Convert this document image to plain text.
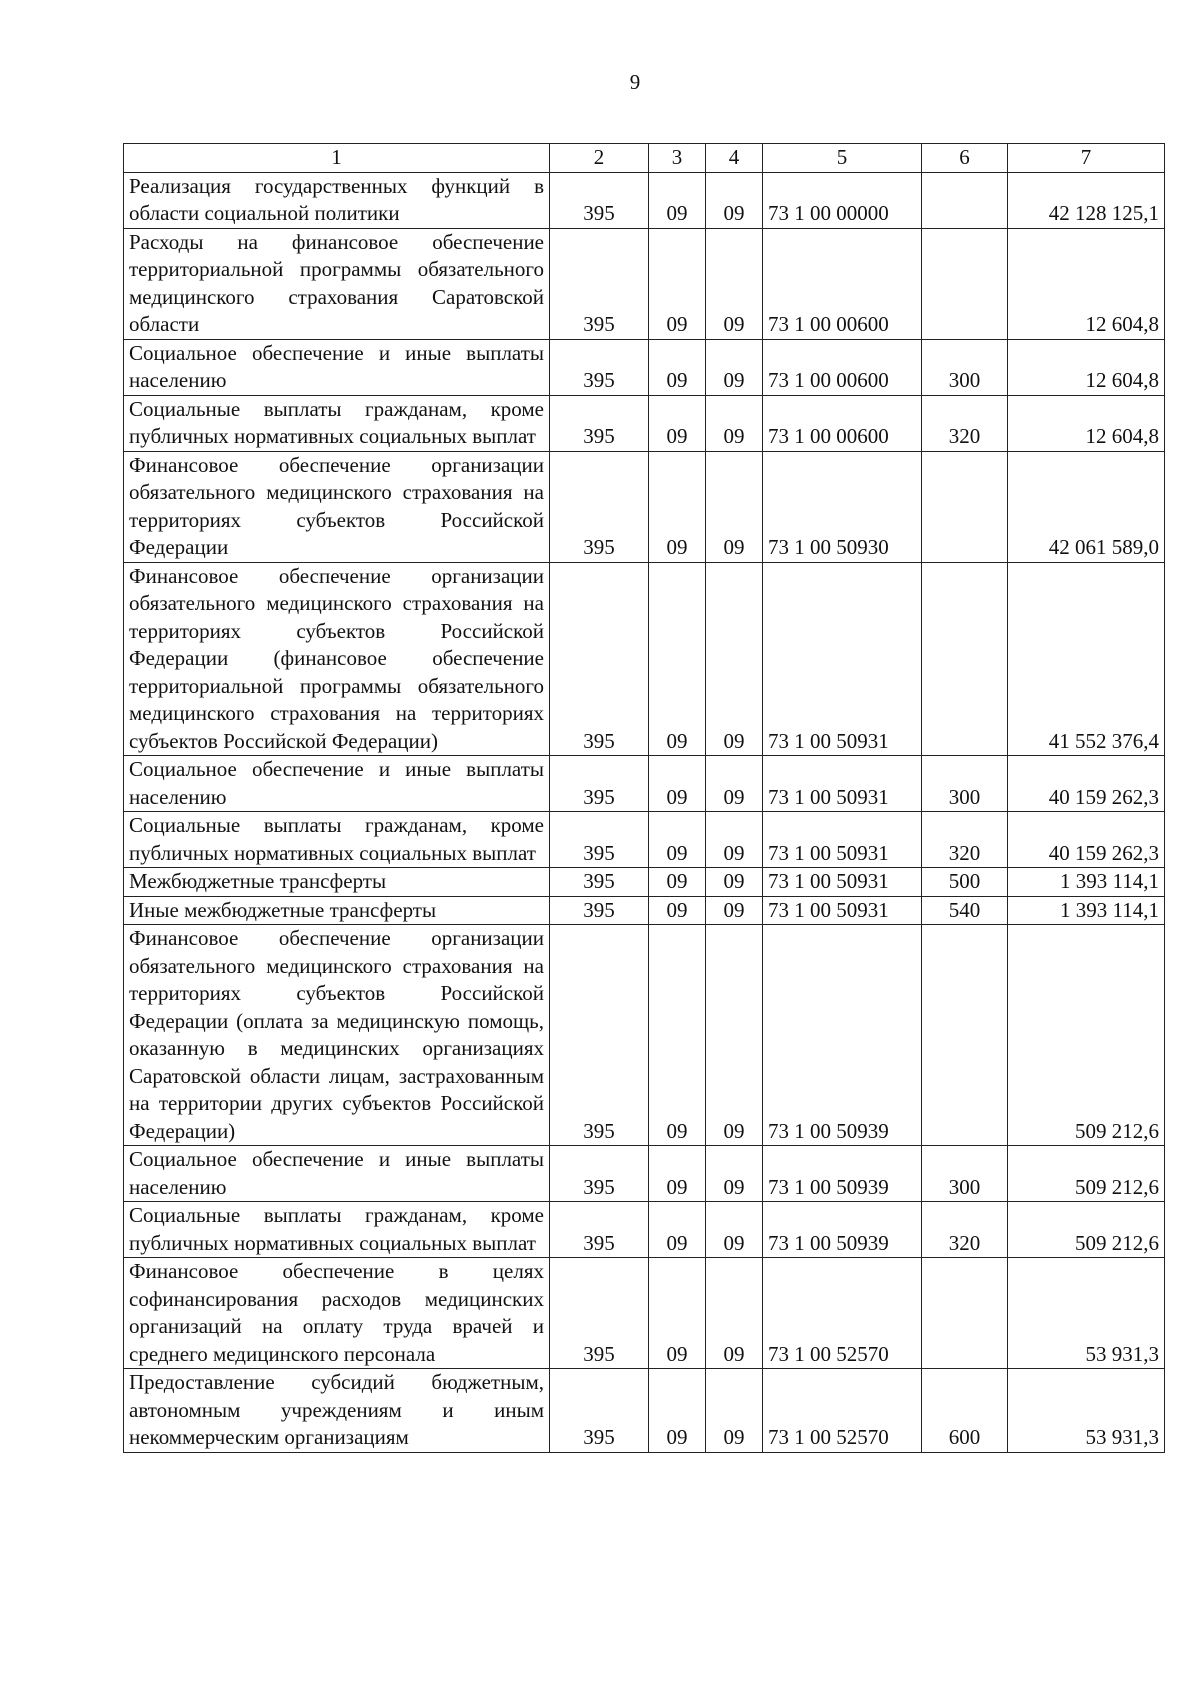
9
1	2	3	4	5	6	7
Реализация государственных функций в области социальной политики	395	09	09	73 1 00 00000		42 128 125,1
Расходы на финансовое обеспечение территориальной программы обязательного медицинского страхования Саратовской области	395	09	09	73 1 00 00600		12 604,8
Социальное обеспечение и иные выплаты населению	395	09	09	73 1 00 00600	300	12 604,8
Социальные выплаты гражданам, кроме публичных нормативных социальных выплат	395	09	09	73 1 00 00600	320	12 604,8
Финансовое обеспечение организации обязательного медицинского страхования на территориях субъектов Российской Федерации	395	09	09	73 1 00 50930		42 061 589,0
Финансовое обеспечение организации обязательного медицинского страхования на территориях субъектов Российской Федерации (финансовое обеспечение территориальной программы обязательного медицинского страхования на территориях субъектов Российской Федерации)	395	09	09	73 1 00 50931		41 552 376,4
Социальное обеспечение и иные выплаты населению	395	09	09	73 1 00 50931	300	40 159 262,3
Социальные выплаты гражданам, кроме публичных нормативных социальных выплат	395	09	09	73 1 00 50931	320	40 159 262,3
Межбюджетные трансферты	395	09	09	73 1 00 50931	500	1 393 114,1
Иные межбюджетные трансферты	395	09	09	73 1 00 50931	540	1 393 114,1
Финансовое обеспечение организации обязательного медицинского страхования на территориях субъектов Российской Федерации (оплата за медицинскую помощь, оказанную в медицинских организациях Саратовской области лицам, застрахованным на территории других субъектов Российской Федерации)	395	09	09	73 1 00 50939		509 212,6
Социальное обеспечение и иные выплаты населению	395	09	09	73 1 00 50939	300	509 212,6
Социальные выплаты гражданам, кроме публичных нормативных социальных выплат	395	09	09	73 1 00 50939	320	509 212,6
Финансовое обеспечение в целях софинансирования расходов медицинских организаций на оплату труда врачей и среднего медицинского персонала	395	09	09	73 1 00 52570		53 931,3
Предоставление субсидий бюджетным, автономным учреждениям и иным некоммерческим организациям	395	09	09	73 1 00 52570	600	53 931,3
